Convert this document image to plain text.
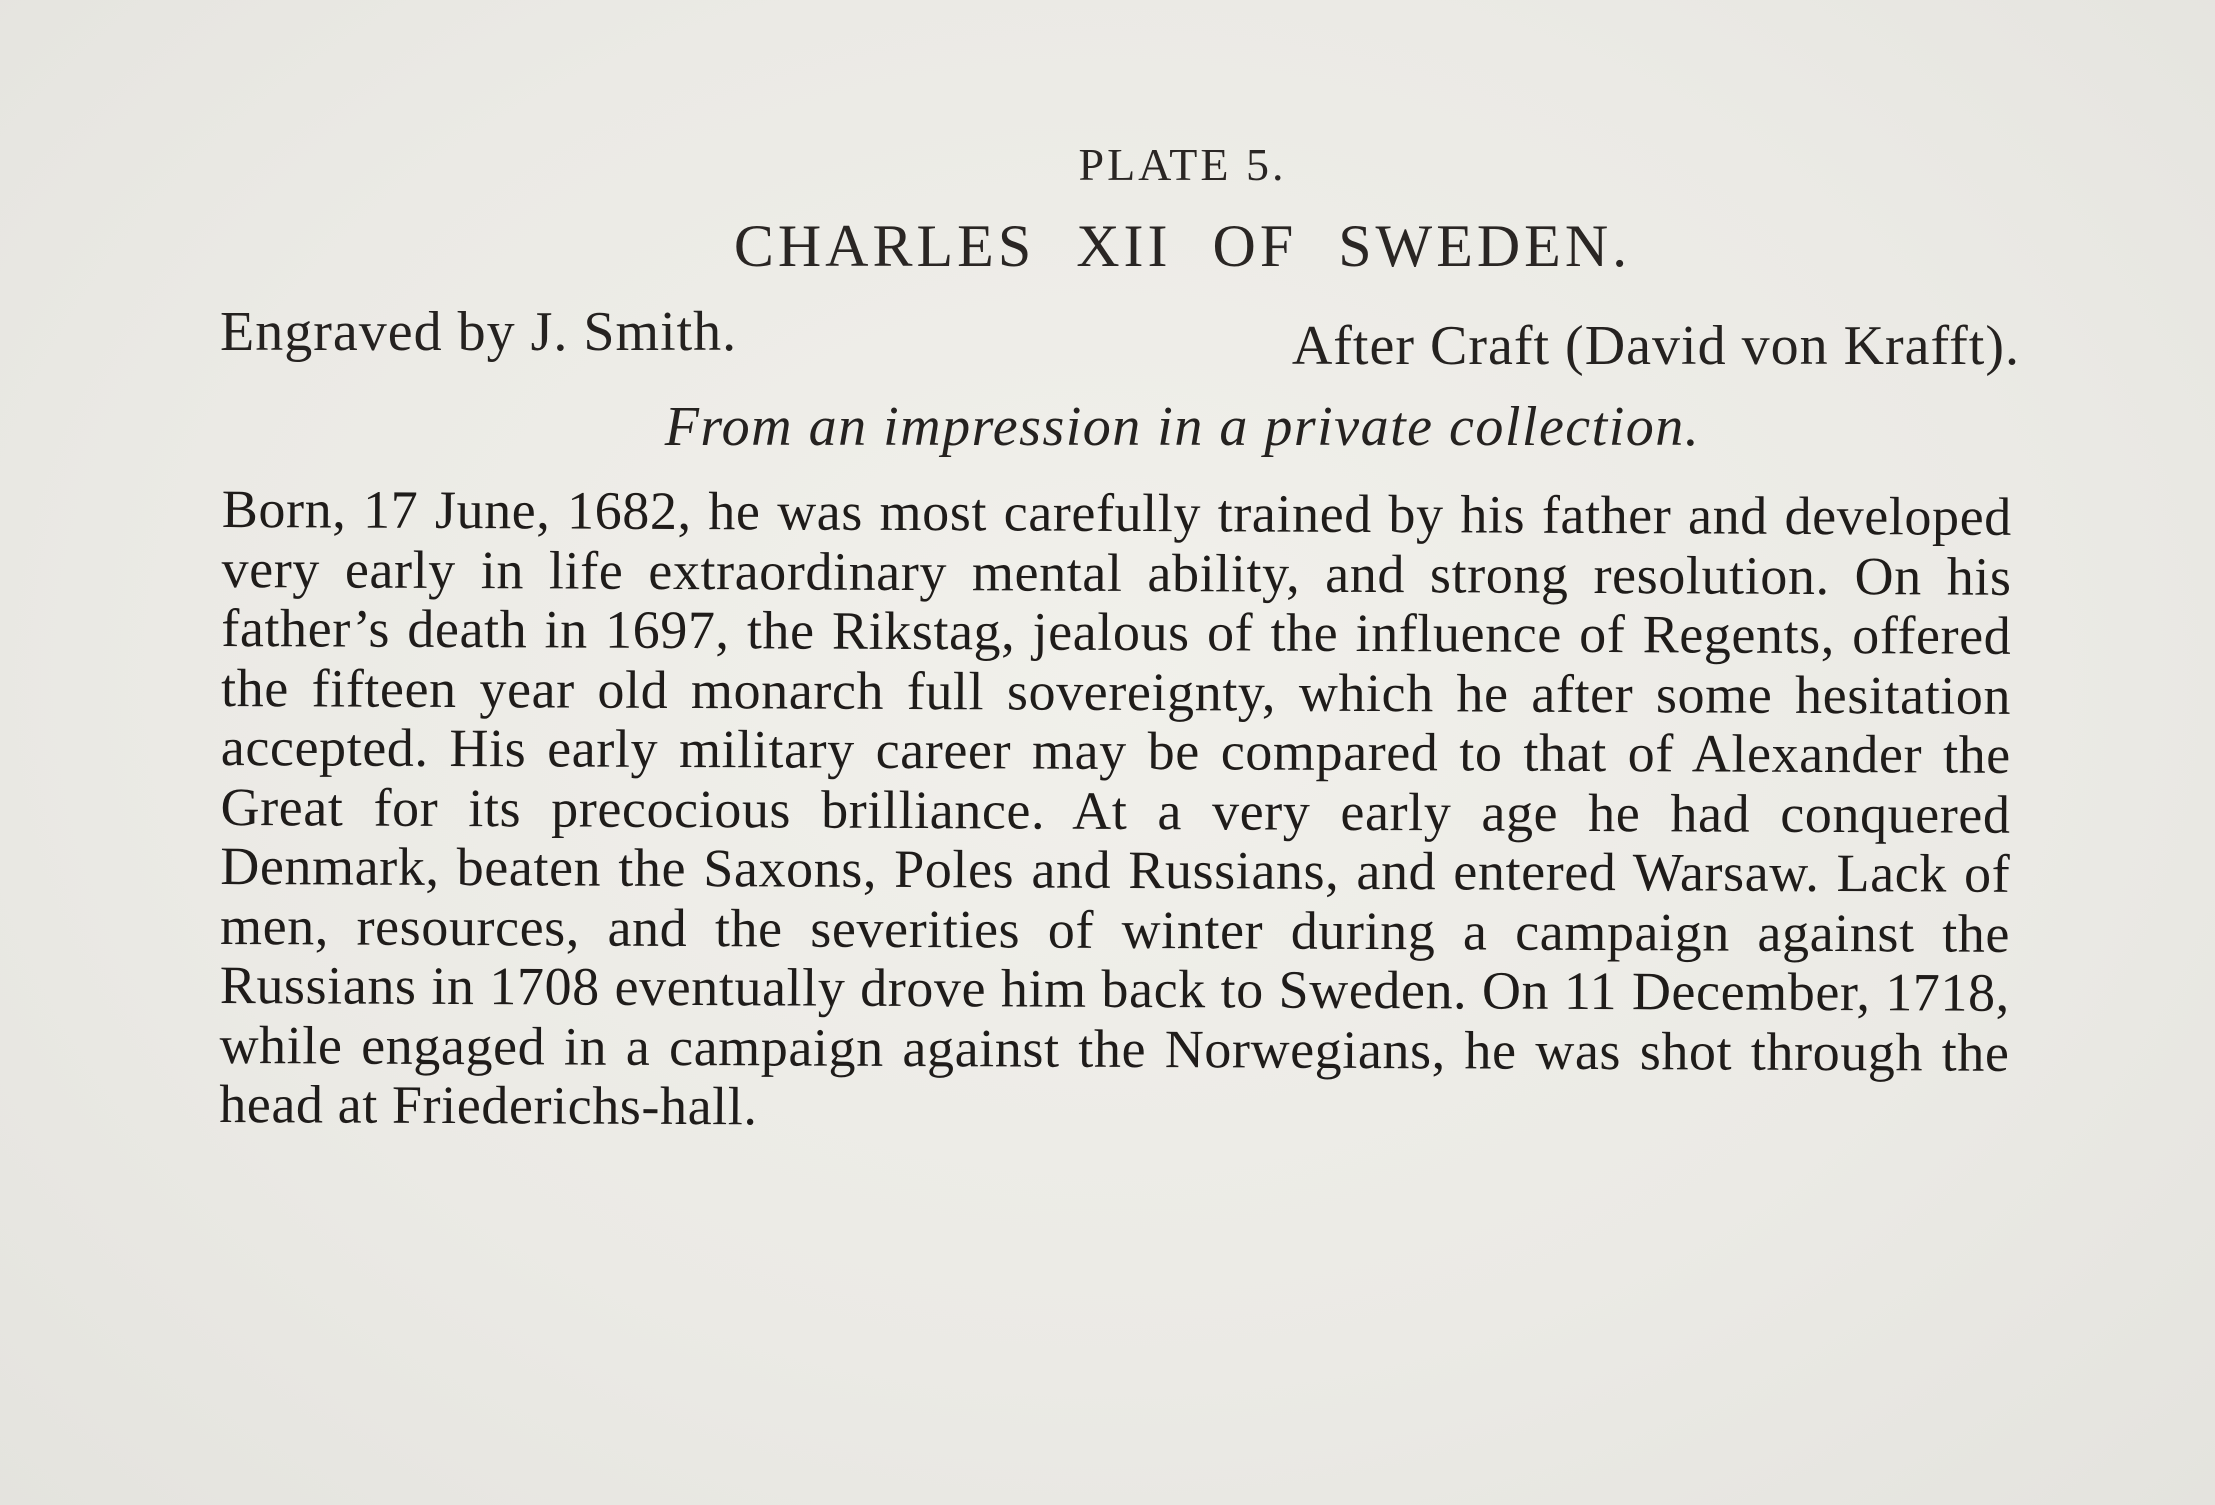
PLATE 5.
CHARLES XII OF SWEDEN.
Engraved by J. Smith.	After Craft (David von Krafft).
From an impression in a private collection.

Born, 17 June, 1682, he was most carefully trained by his father and developed very early in life extraordinary mental ability, and strong resolution. On his father’s death in 1697, the Rikstag, jealous of the influence of Regents, offered the fifteen year old monarch full sovereignty, which he after some hesitation accepted. His early military career may be compared to that of Alexander the Great for its precocious brilliance. At a very early age he had conquered Denmark, beaten the Saxons, Poles and Russians, and entered Warsaw. Lack of men, resources, and the severities of winter during a campaign against the Russians in 1708 eventually drove him back to Sweden. On 11 December, 1718, while engaged in a campaign against the Norwegians, he was shot through the head at Friederichs-hall.
